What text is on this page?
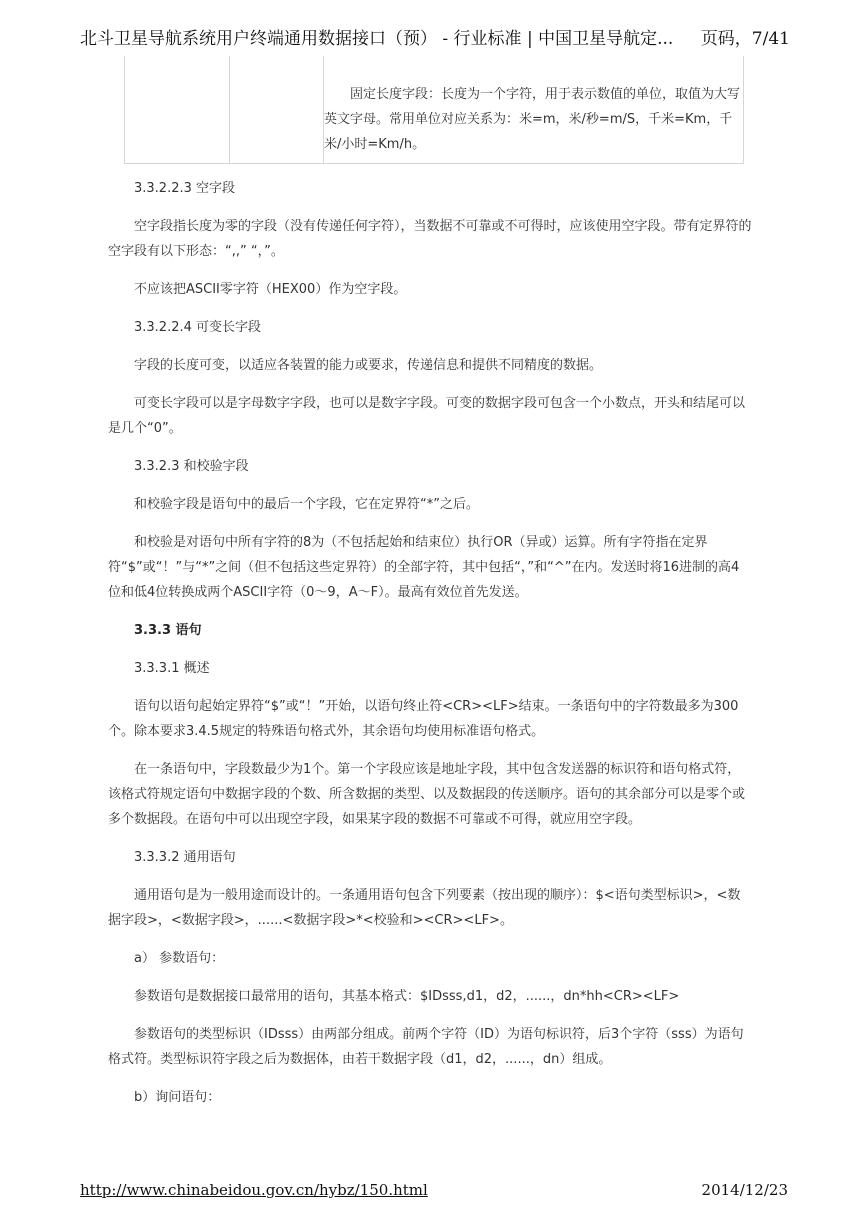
北斗卫星导航系统用户终端通用数据接口（预） - 行业标准 | 中国卫星导航定...	页码，7/41
固定长度字段：长度为一个字符，用于表示数值的单位，取值为大写英文字母。常用单位对应关系为：米=m，米/秒=m/S，千米=Km，千米/小时=Km/h。

3.3.2.2.3 空字段

空字段指长度为零的字段（没有传递任何字符），当数据不可靠或不可得时，应该使用空字段。带有定界符的空字段有以下形态：“,,” “，”。

不应该把ASCII零字符（HEX00）作为空字段。

3.3.2.2.4 可变长字段

字段的长度可变，以适应各装置的能力或要求，传递信息和提供不同精度的数据。

可变长字段可以是字母数字字段，也可以是数字字段。可变的数据字段可包含一个小数点，开头和结尾可以是几个“0”。

3.3.2.3 和校验字段

和校验字段是语句中的最后一个字段，它在定界符“*”之后。

和校验是对语句中所有字符的8为（不包括起始和结束位）执行OR（异或）运算。所有字符指在定界符“$”或“！”与“*”之间（但不包括这些定界符）的全部字符，其中包括“，”和“^”在内。发送时将16进制的高4位和低4位转换成两个ASCII字符（0～9，A～F）。最高有效位首先发送。

3.3.3 语句

3.3.3.1 概述

语句以语句起始定界符“$”或“！”开始，以语句终止符<CR><LF>结束。一条语句中的字符数最多为300个。除本要求3.4.5规定的特殊语句格式外，其余语句均使用标准语句格式。

在一条语句中，字段数最少为1个。第一个字段应该是地址字段，其中包含发送器的标识符和语句格式符，该格式符规定语句中数据字段的个数、所含数据的类型、以及数据段的传送顺序。语句的其余部分可以是零个或多个数据段。在语句中可以出现空字段，如果某字段的数据不可靠或不可得，就应用空字段。

3.3.3.2 通用语句

通用语句是为一般用途而设计的。一条通用语句包含下列要素（按出现的顺序）：$<语句类型标识>，<数据字段>，<数据字段>，......<数据字段>*<校验和><CR><LF>。

a） 参数语句：

参数语句是数据接口最常用的语句，其基本格式：$IDsss,d1，d2，......，dn*hh<CR><LF>

参数语句的类型标识（IDsss）由两部分组成。前两个字符（ID）为语句标识符，后3个字符（sss）为语句格式符。类型标识符字段之后为数据体，由若干数据字段（d1，d2，......，dn）组成。

b）询问语句：

http://www.chinabeidou.gov.cn/hybz/150.html	2014/12/23
